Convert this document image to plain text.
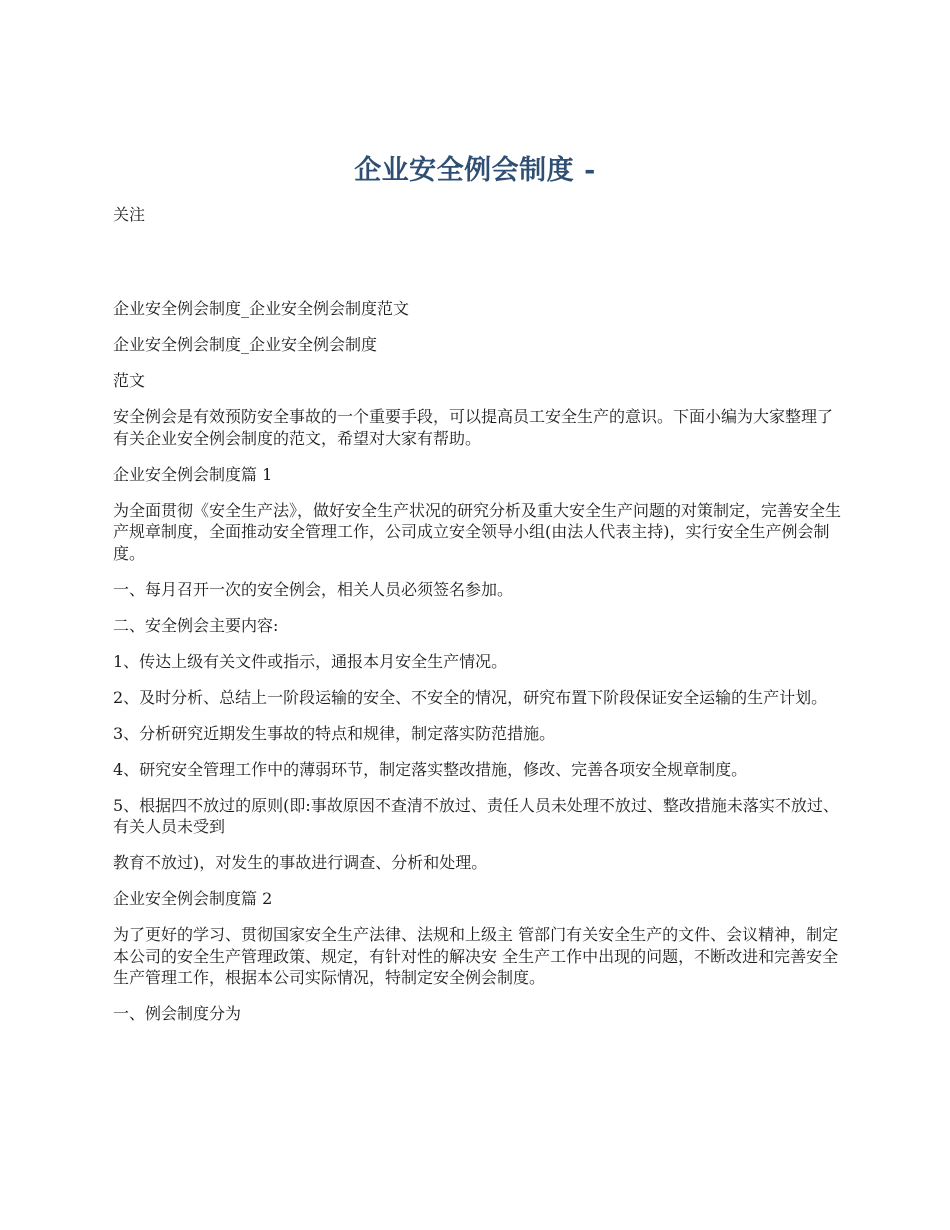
企业安全例会制度 -

关注

企业安全例会制度_企业安全例会制度范文

企业安全例会制度_企业安全例会制度

范文

安全例会是有效预防安全事故的一个重要手段，可以提高员工安全生产的意识。下面小编为大家整理了有关企业安全例会制度的范文，希望对大家有帮助。

企业安全例会制度篇 1

为全面贯彻《安全生产法》，做好安全生产状况的研究分析及重大安全生产问题的对策制定，完善安全生产规章制度，全面推动安全管理工作，公司成立安全领导小组(由法人代表主持)，实行安全生产例会制度。

一、每月召开一次的安全例会，相关人员必须签名参加。

二、安全例会主要内容:

1、传达上级有关文件或指示，通报本月安全生产情况。

2、及时分析、总结上一阶段运输的安全、不安全的情况，研究布置下阶段保证安全运输的生产计划。

3、分析研究近期发生事故的特点和规律，制定落实防范措施。

4、研究安全管理工作中的薄弱环节，制定落实整改措施，修改、完善各项安全规章制度。

5、根据四不放过的原则(即:事故原因不查清不放过、责任人员未处理不放过、整改措施未落实不放过、有关人员未受到

教育不放过)，对发生的事故进行调查、分析和处理。

企业安全例会制度篇 2

为了更好的学习、贯彻国家安全生产法律、法规和上级主 管部门有关安全生产的文件、会议精神，制定本公司的安全生产管理政策、规定，有针对性的解决安 全生产工作中出现的问题，不断改进和完善安全生产管理工作，根据本公司实际情况，特制定安全例会制度。

一、例会制度分为
